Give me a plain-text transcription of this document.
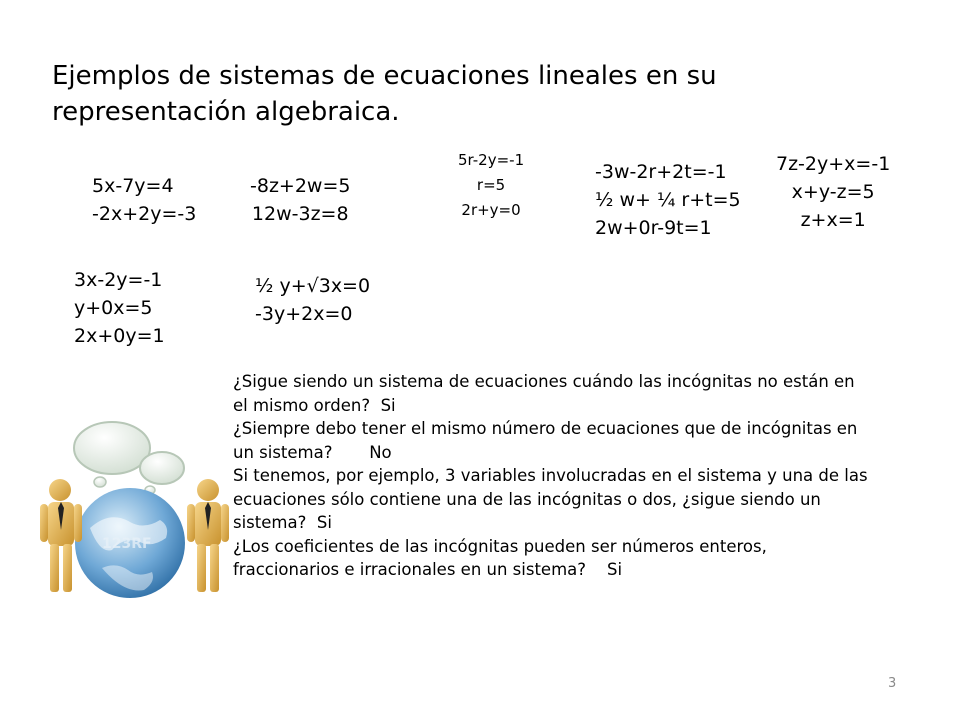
Ejemplos de sistemas de ecuaciones lineales en su representación algebraica.
5x-7y=4
-2x+2y=-3
-8z+2w=5
12w-3z=8
5r-2y=-1
r=5
2r+y=0
-3w-2r+2t=-1
½ w+ ¼ r+t=5
2w+0r-9t=1
7z-2y+x=-1
x+y-z=5
z+x=1
3x-2y=-1
y+0x=5
2x+0y=1
½ y+√3x=0
-3y+2x=0

¿Sigue siendo un sistema de ecuaciones cuándo las incógnitas no están en el mismo orden? Si

¿Siempre debo tener el mismo número de ecuaciones que de incógnitas en un sistema? No

Si tenemos, por ejemplo, 3 variables involucradas en el sistema y una de las ecuaciones sólo contiene una de las incógnitas o dos, ¿sigue siendo un sistema? Si

¿Los coeficientes de las incógnitas pueden ser números enteros, fraccionarios e irracionales en un sistema? Si

123RF
3
